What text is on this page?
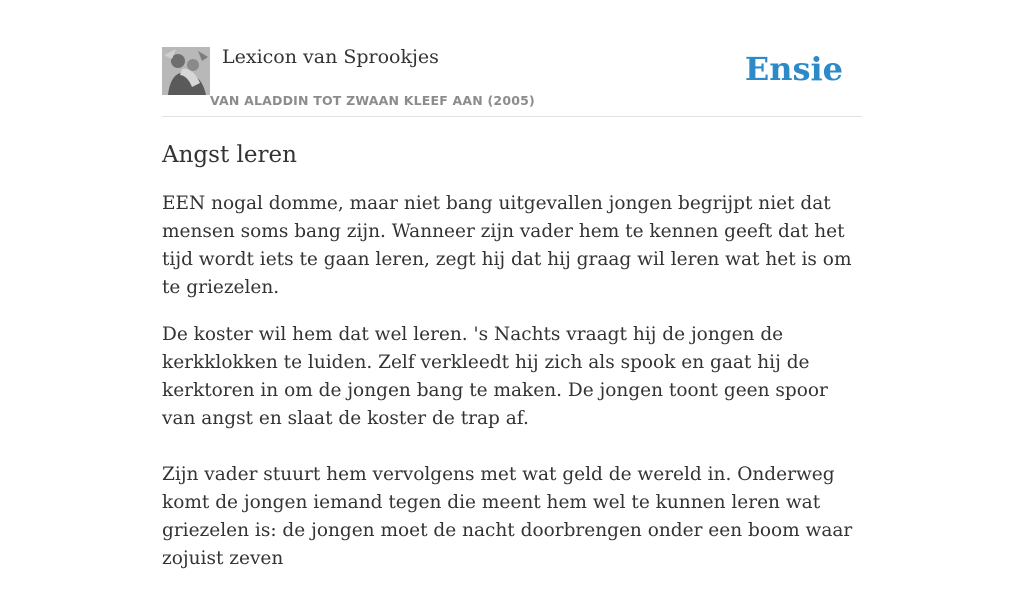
Lexicon van Sprookjes
VAN ALADDIN TOT ZWAAN KLEEF AAN (2005)
Ensie
Angst leren

EEN nogal domme, maar niet bang uitgevallen jongen begrijpt niet dat mensen soms bang zijn. Wanneer zijn vader hem te kennen geeft dat het tijd wordt iets te gaan leren, zegt hij dat hij graag wil leren wat het is om te griezelen.

De koster wil hem dat wel leren. 's Nachts vraagt hij de jongen de kerkklokken te luiden. Zelf verkleedt hij zich als spook en gaat hij de kerktoren in om de jongen bang te maken. De jongen toont geen spoor van angst en slaat de koster de trap af.

Zijn vader stuurt hem vervolgens met wat geld de wereld in. Onderweg komt de jongen iemand tegen die meent hem wel te kunnen leren wat griezelen is: de jongen moet de nacht doorbrengen onder een boom waar zojuist zeven
